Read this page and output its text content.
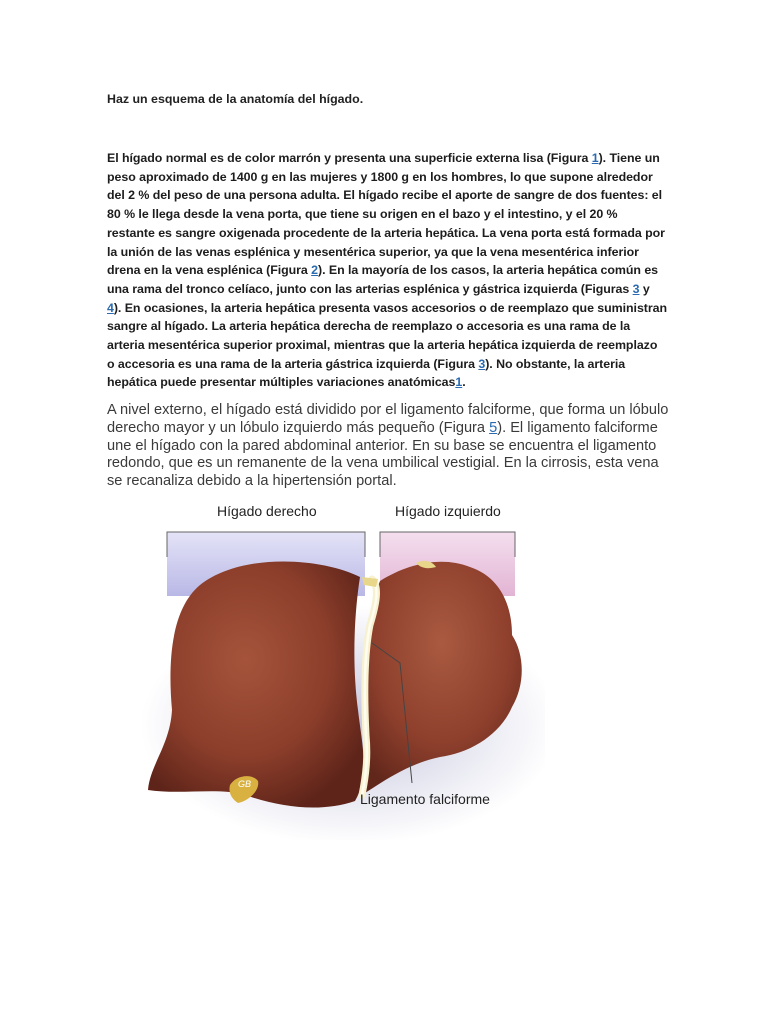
Haz un esquema de la anatomía del hígado.
El hígado normal es de color marrón y presenta una superficie externa lisa (Figura 1). Tiene un peso aproximado de 1400 g en las mujeres y 1800 g en los hombres, lo que supone alrededor del 2 % del peso de una persona adulta. El hígado recibe el aporte de sangre de dos fuentes: el 80 % le llega desde la vena porta, que tiene su origen en el bazo y el intestino, y el 20 % restante es sangre oxigenada procedente de la arteria hepática. La vena porta está formada por la unión de las venas esplénica y mesentérica superior, ya que la vena mesentérica inferior drena en la vena esplénica (Figura 2). En la mayoría de los casos, la arteria hepática común es una rama del tronco celíaco, junto con las arterias esplénica y gástrica izquierda (Figuras 3 y 4). En ocasiones, la arteria hepática presenta vasos accesorios o de reemplazo que suministran sangre al hígado. La arteria hepática derecha de reemplazo o accesoria es una rama de la arteria mesentérica superior proximal, mientras que la arteria hepática izquierda de reemplazo o accesoria es una rama de la arteria gástrica izquierda (Figura 3). No obstante, la arteria hepática puede presentar múltiples variaciones anatómicas1.
A nivel externo, el hígado está dividido por el ligamento falciforme, que forma un lóbulo derecho mayor y un lóbulo izquierdo más pequeño (Figura 5). El ligamento falciforme une el hígado con la pared abdominal anterior. En su base se encuentra el ligamento redondo, que es un remanente de la vena umbilical vestigial. En la cirrosis, esta vena se recanaliza debido a la hipertensión portal.
Hígado derecho	Hígado izquierdo
Ligamento falciforme
GB
